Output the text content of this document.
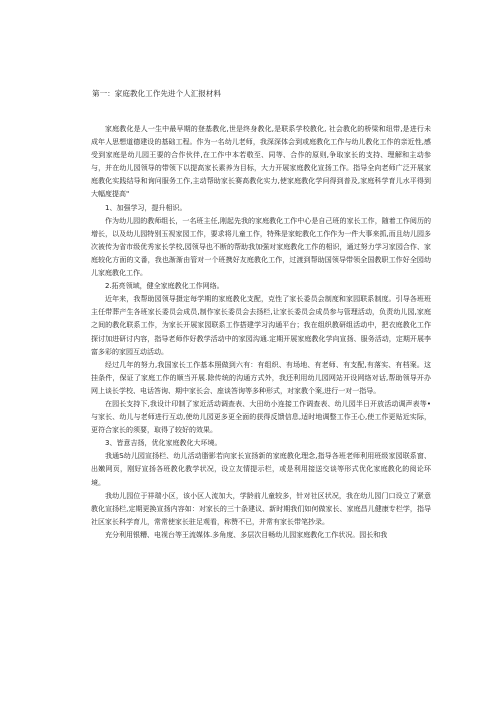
第一：家庭教化工作先进个人汇报材料

家庭教化是人一生中最早期的登基教化,世是终身教化,是联系学校教化, 社会教化的桥梁和纽带,是进行未成年人思想道德建设的基础工程。作为一名幼儿老师，我深深体会到或庭教化工作与幼儿教化工作的亲近性,感受到家庭是幼儿园王要的合作伙伴,在工作中本若敬至、同等、合作的原则,争取家长的支持、理解和主动参与，并在幼儿园领导的带领下以提高家长素养为目标，大力开展家庭教化宣扬工作。指导全向老师广泛开展家庭教化实践结导和询问服务工作,主动帮助家长赛高教化实力,使家庭教化学问得到普及,家庭科学育儿水平得到大幅度提高"

1、加强学习，提升相识。

作为幼儿园的教师组长，一名班主任,刚起先我的家庭教化工作中心是自己班的家长工作，随着工作阅历的增长，以及幼儿园特别玉视家园工作，要求将儿童工作，特殊是家蛇教化工作作为一件大事来抓,而且幼儿园多次被传为省市级优秀家长学校,园领导也不断的帮助我加强对家庭教化工作的相识，通过努力学习家园合作、家庭较化方面的文番，我也渐渐由管对一个班携好友庭教化工作，过渡到帮助国领导带领全国教职工作好全园幼儿家庭教化工作。

2.拓亮领域，健全家庭教化工作网络。

近年来，我帮助园领导摄定每学期的家庭教化支配，克性了家长委员会制度和家园联系制度。引导各班班主任带葬产生各班家长委员会成员,制作家长委员会去扬栏,让家长委员会成员参与管理活动，负责幼儿园,家庭之间的教化联系工作，为家长开展家园联系工作搭建学习沟通平台；我在组织教研组活动中，把衣庭教化工作探讨加进研讨内容，指导老师作好教学活动中的家园沟通.定期开展家庭教化学向宣扬、服务活动，定期开展李富多彩的家园互动活动。

经过几年的努力,我国家长工作基本照做到六有：有组织、有场地、有老师、有支配,有落实、有档案。这挂条件，保证了家庭工作的顺当开展.除传统的沟通方式外，我还利用幼儿园网站开设网络对话,帮助领导开办网上谈长学校、电话答询、期中家长会、座谈答询等多种形式，对家教个案,进行一对一指导。

在园长支持下,我设计印制了家近活动调查表、大田幼小连接工作调查表、幼儿园半日开放活动调声表等•与家长、幼儿与老师进行互动,使幼儿园更多更全面的获得反馈信息,适时地调整工作王心,使工作更贴近实际，更符合家长的须要，取得了较好的效果。

3、皆意吉扬，优化家庭教化大坏境。

我通S幼儿园宣扬栏、幼儿活动脂影若向家长宣扬新的家庭教化理念,指导各班老师利用班级家园联系窗、出嫩网页，刚好宣扬各班教化教学状况，设立友情提示栏，或是利用接送交谈等形式优化家庭教化的阅论环境。

我幼儿园位于祥瑞小区，该小区人流加大，学龄前儿童较多，针对社区状况，我在幼儿园门口设立了紧意教化宣扬栏,定期更换宣扬内容如：对家长的三十条建议、新时期我们如何做家长、家庭昌儿健康专栏学，指导社区家长科学育儿，常常使家长驻足观看，称赞不已，并常有家长带笔抄录。

充分利用银糟、电视台等王流媒体.多角度、多层次目畅幼儿园家庭教化工作状况。园长和我
